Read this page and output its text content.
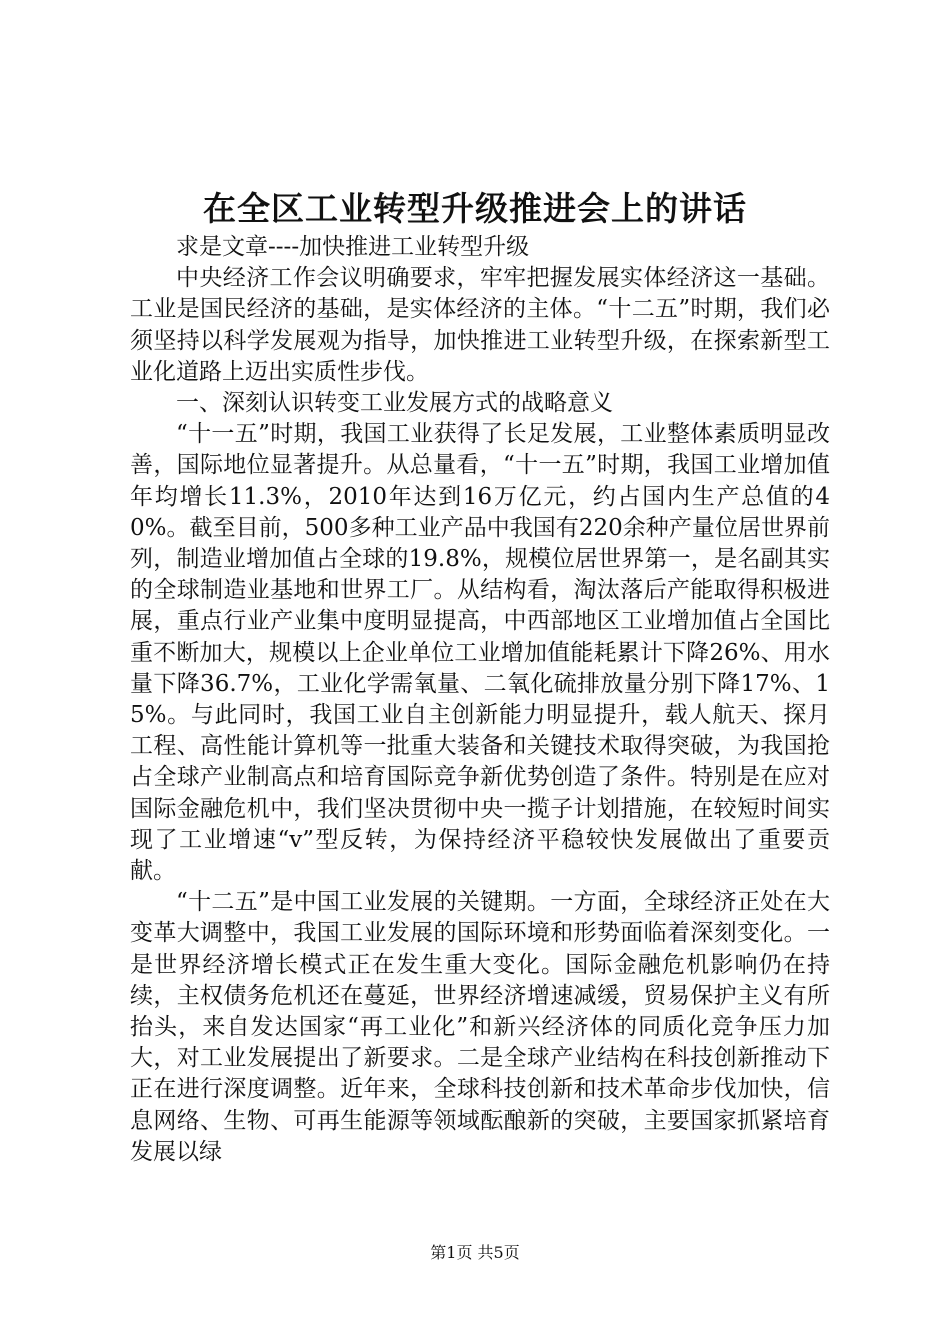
在全区工业转型升级推进会上的讲话

求是文章----加快推进工业转型升级

中央经济工作会议明确要求，牢牢把握发展实体经济这一基础。工业是国民经济的基础，是实体经济的主体。“十二五”时期，我们必须坚持以科学发展观为指导，加快推进工业转型升级，在探索新型工业化道路上迈出实质性步伐。

一、深刻认识转变工业发展方式的战略意义

“十一五”时期，我国工业获得了长足发展，工业整体素质明显改善，国际地位显著提升。从总量看，“十一五”时期，我国工业增加值年均增长11.3%，2010年达到16万亿元，约占国内生产总值的40%。截至目前，500多种工业产品中我国有220余种产量位居世界前列，制造业增加值占全球的19.8%，规模位居世界第一，是名副其实的全球制造业基地和世界工厂。从结构看，淘汰落后产能取得积极进展，重点行业产业集中度明显提高，中西部地区工业增加值占全国比重不断加大，规模以上企业单位工业增加值能耗累计下降26%、用水量下降36.7%，工业化学需氧量、二氧化硫排放量分别下降17%、15%。与此同时，我国工业自主创新能力明显提升，载人航天、探月工程、高性能计算机等一批重大装备和关键技术取得突破，为我国抢占全球产业制高点和培育国际竞争新优势创造了条件。特别是在应对国际金融危机中，我们坚决贯彻中央一揽子计划措施，在较短时间实现了工业增速“v”型反转，为保持经济平稳较快发展做出了重要贡献。

“十二五”是中国工业发展的关键期。一方面，全球经济正处在大变革大调整中，我国工业发展的国际环境和形势面临着深刻变化。一是世界经济增长模式正在发生重大变化。国际金融危机影响仍在持续，主权债务危机还在蔓延，世界经济增速减缓，贸易保护主义有所抬头，来自发达国家“再工业化”和新兴经济体的同质化竞争压力加大，对工业发展提出了新要求。二是全球产业结构在科技创新推动下正在进行深度调整。近年来，全球科技创新和技术革命步伐加快，信息网络、生物、可再生能源等领域酝酿新的突破，主要国家抓紧培育发展以绿

第1页 共5页
